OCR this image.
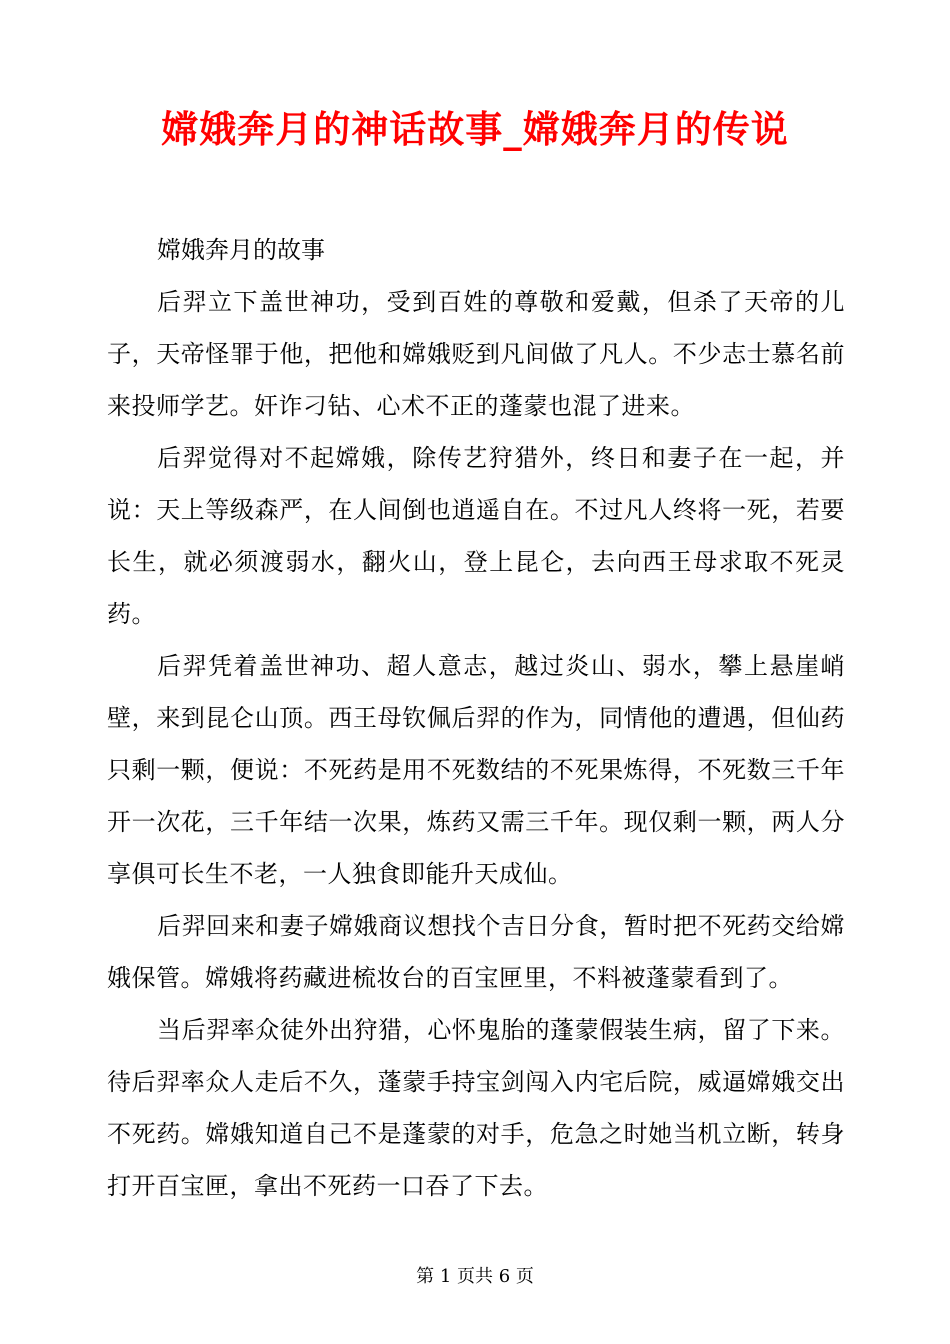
嫦娥奔月的神话故事_嫦娥奔月的传说

嫦娥奔月的故事

后羿立下盖世神功，受到百姓的尊敬和爱戴，但杀了天帝的儿子，天帝怪罪于他，把他和嫦娥贬到凡间做了凡人。不少志士慕名前来投师学艺。奸诈刁钻、心术不正的蓬蒙也混了进来。

后羿觉得对不起嫦娥，除传艺狩猎外，终日和妻子在一起，并说：天上等级森严，在人间倒也逍遥自在。不过凡人终将一死，若要长生，就必须渡弱水，翻火山，登上昆仑，去向西王母求取不死灵药。

后羿凭着盖世神功、超人意志，越过炎山、弱水，攀上悬崖峭壁，来到昆仑山顶。西王母钦佩后羿的作为，同情他的遭遇，但仙药只剩一颗，便说：不死药是用不死数结的不死果炼得，不死数三千年开一次花，三千年结一次果，炼药又需三千年。现仅剩一颗，两人分享俱可长生不老，一人独食即能升天成仙。

后羿回来和妻子嫦娥商议想找个吉日分食，暂时把不死药交给嫦娥保管。嫦娥将药藏进梳妆台的百宝匣里，不料被蓬蒙看到了。

当后羿率众徒外出狩猎，心怀鬼胎的蓬蒙假装生病，留了下来。待后羿率众人走后不久，蓬蒙手持宝剑闯入内宅后院，威逼嫦娥交出不死药。嫦娥知道自己不是蓬蒙的对手，危急之时她当机立断，转身打开百宝匣，拿出不死药一口吞了下去。

第 1 页共 6 页
